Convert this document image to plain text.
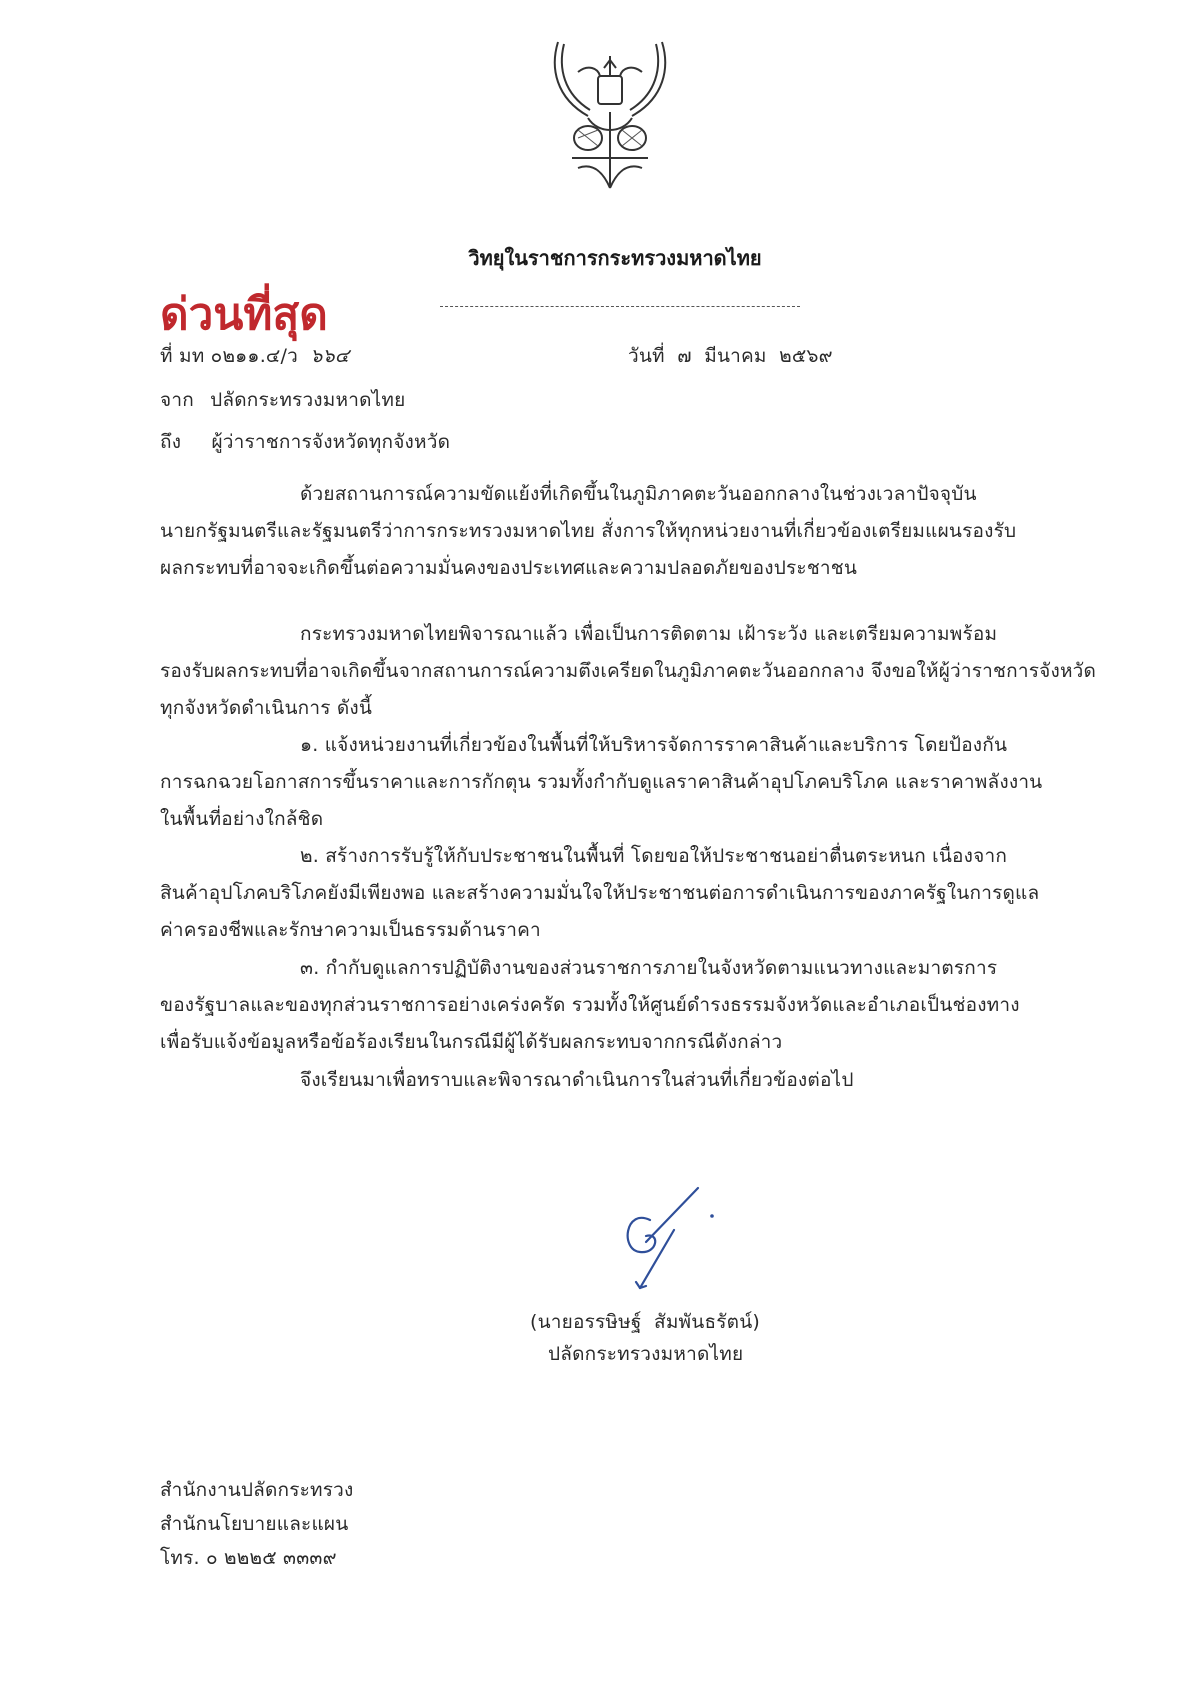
วิทยุในราชการกระทรวงมหาดไทย
ด่วนที่สุด
ที่ มท ๐๒๑๑.๔/ว ๖๖๔	วันที่  ๗  มีนาคม  ๒๕๖๙
จาก ปลัดกระทรวงมหาดไทย
ถึง ผู้ว่าราชการจังหวัดทุกจังหวัด
ด้วยสถานการณ์ความขัดแย้งที่เกิดขึ้นในภูมิภาคตะวันออกกลางในช่วงเวลาปัจจุบัน
นายกรัฐมนตรีและรัฐมนตรีว่าการกระทรวงมหาดไทย สั่งการให้ทุกหน่วยงานที่เกี่ยวข้องเตรียมแผนรองรับ
ผลกระทบที่อาจจะเกิดขึ้นต่อความมั่นคงของประเทศและความปลอดภัยของประชาชน
กระทรวงมหาดไทยพิจารณาแล้ว เพื่อเป็นการติดตาม เฝ้าระวัง และเตรียมความพร้อม
รองรับผลกระทบที่อาจเกิดขึ้นจากสถานการณ์ความตึงเครียดในภูมิภาคตะวันออกกลาง จึงขอให้ผู้ว่าราชการจังหวัด
ทุกจังหวัดดำเนินการ ดังนี้
๑. แจ้งหน่วยงานที่เกี่ยวข้องในพื้นที่ให้บริหารจัดการราคาสินค้าและบริการ โดยป้องกัน
การฉกฉวยโอกาสการขึ้นราคาและการกักตุน รวมทั้งกำกับดูแลราคาสินค้าอุปโภคบริโภค และราคาพลังงาน
ในพื้นที่อย่างใกล้ชิด
๒. สร้างการรับรู้ให้กับประชาชนในพื้นที่ โดยขอให้ประชาชนอย่าตื่นตระหนก เนื่องจาก
สินค้าอุปโภคบริโภคยังมีเพียงพอ และสร้างความมั่นใจให้ประชาชนต่อการดำเนินการของภาครัฐในการดูแล
ค่าครองชีพและรักษาความเป็นธรรมด้านราคา
๓. กำกับดูแลการปฏิบัติงานของส่วนราชการภายในจังหวัดตามแนวทางและมาตรการ
ของรัฐบาลและของทุกส่วนราชการอย่างเคร่งครัด รวมทั้งให้ศูนย์ดำรงธรรมจังหวัดและอำเภอเป็นช่องทาง
เพื่อรับแจ้งข้อมูลหรือข้อร้องเรียนในกรณีมีผู้ได้รับผลกระทบจากกรณีดังกล่าว
จึงเรียนมาเพื่อทราบและพิจารณาดำเนินการในส่วนที่เกี่ยวข้องต่อไป
(นายอรรษิษฐ์  สัมพันธรัตน์)
ปลัดกระทรวงมหาดไทย
สำนักงานปลัดกระทรวง
สำนักนโยบายและแผน
โทร. ๐ ๒๒๒๕ ๓๓๓๙
